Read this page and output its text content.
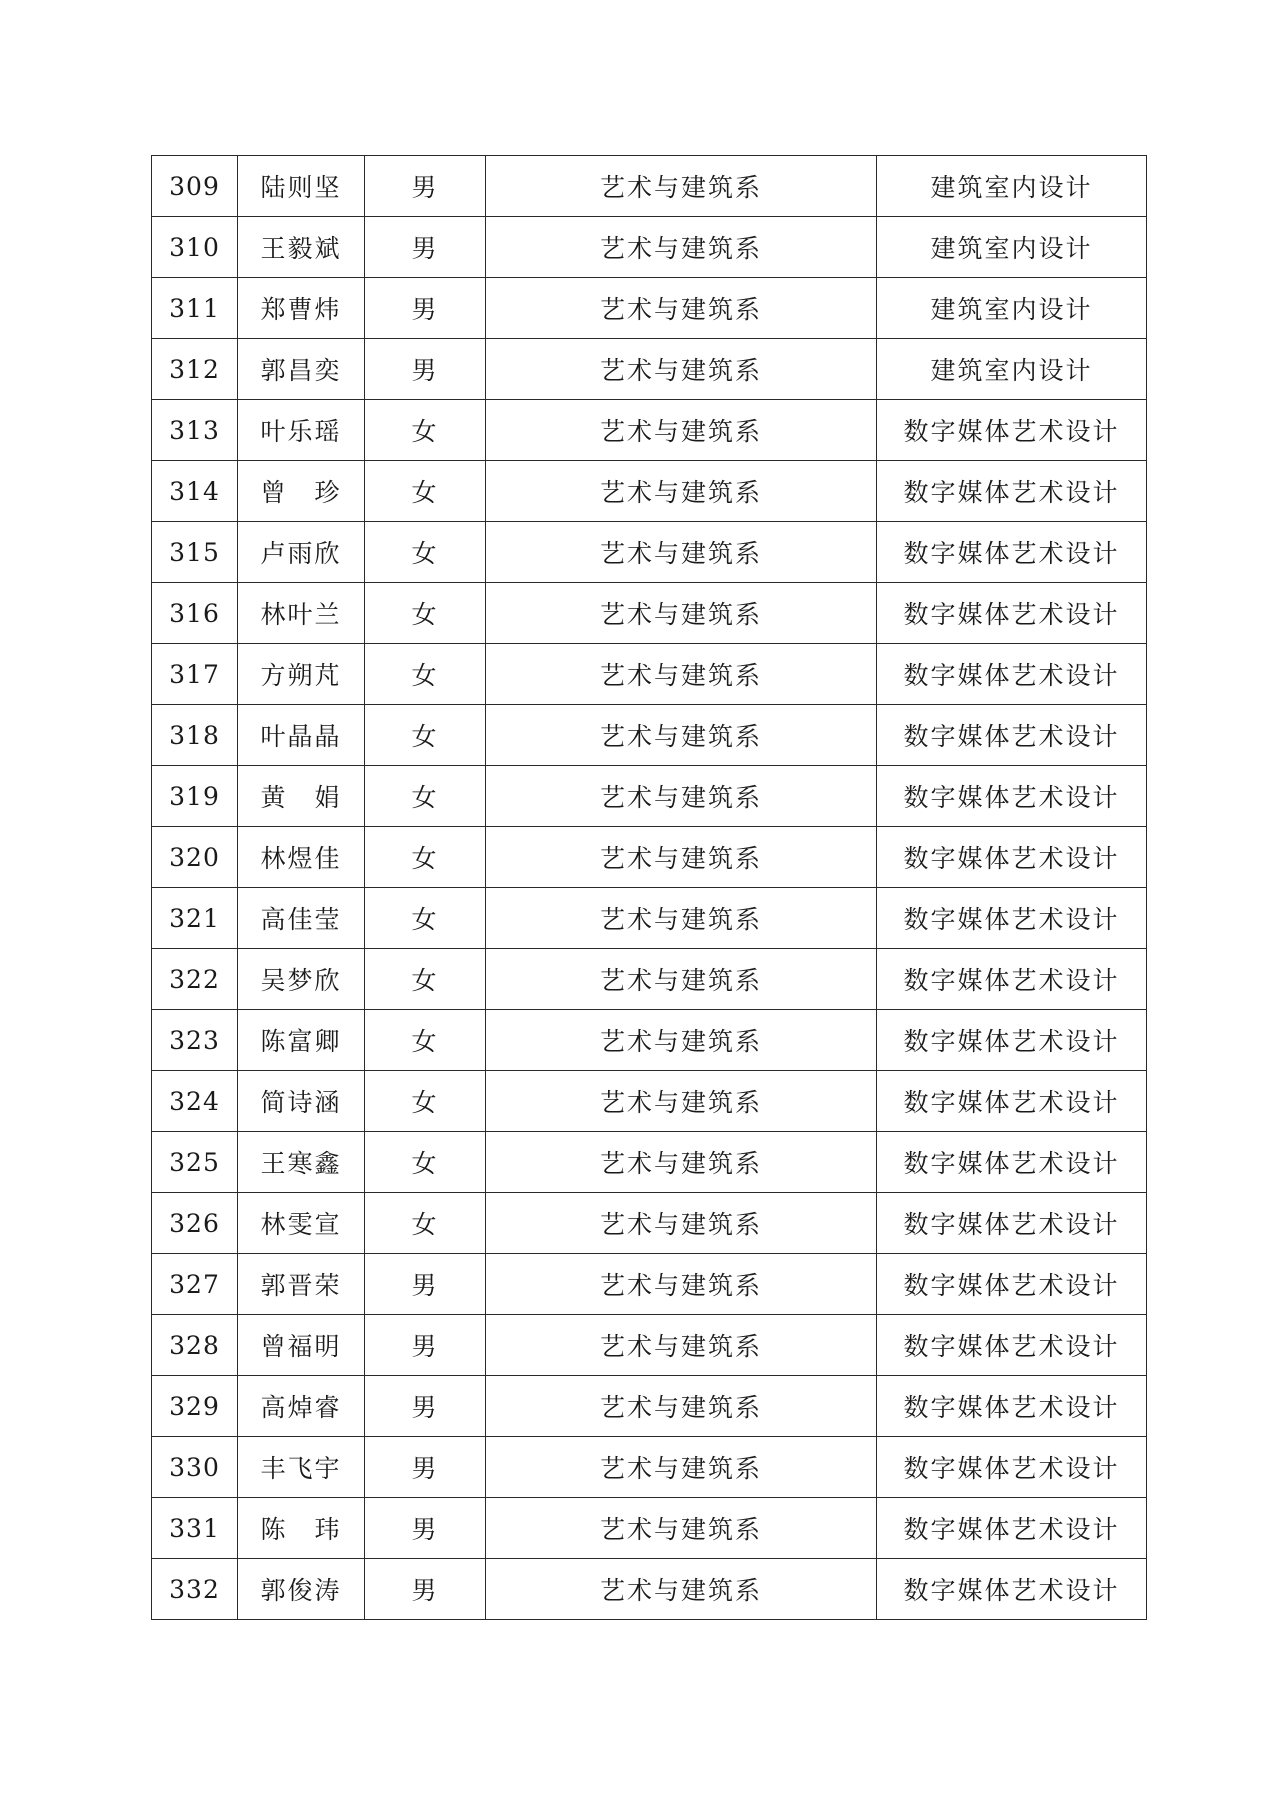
309	陆则坚	男	艺术与建筑系	建筑室内设计
310	王毅斌	男	艺术与建筑系	建筑室内设计
311	郑曹炜	男	艺术与建筑系	建筑室内设计
312	郭昌奕	男	艺术与建筑系	建筑室内设计
313	叶乐瑶	女	艺术与建筑系	数字媒体艺术设计
314	曾　珍	女	艺术与建筑系	数字媒体艺术设计
315	卢雨欣	女	艺术与建筑系	数字媒体艺术设计
316	林叶兰	女	艺术与建筑系	数字媒体艺术设计
317	方朔芃	女	艺术与建筑系	数字媒体艺术设计
318	叶晶晶	女	艺术与建筑系	数字媒体艺术设计
319	黄　娟	女	艺术与建筑系	数字媒体艺术设计
320	林煜佳	女	艺术与建筑系	数字媒体艺术设计
321	高佳莹	女	艺术与建筑系	数字媒体艺术设计
322	吴梦欣	女	艺术与建筑系	数字媒体艺术设计
323	陈富卿	女	艺术与建筑系	数字媒体艺术设计
324	简诗涵	女	艺术与建筑系	数字媒体艺术设计
325	王寒鑫	女	艺术与建筑系	数字媒体艺术设计
326	林雯宣	女	艺术与建筑系	数字媒体艺术设计
327	郭晋荣	男	艺术与建筑系	数字媒体艺术设计
328	曾福明	男	艺术与建筑系	数字媒体艺术设计
329	高焯睿	男	艺术与建筑系	数字媒体艺术设计
330	丰飞宇	男	艺术与建筑系	数字媒体艺术设计
331	陈　玮	男	艺术与建筑系	数字媒体艺术设计
332	郭俊涛	男	艺术与建筑系	数字媒体艺术设计
